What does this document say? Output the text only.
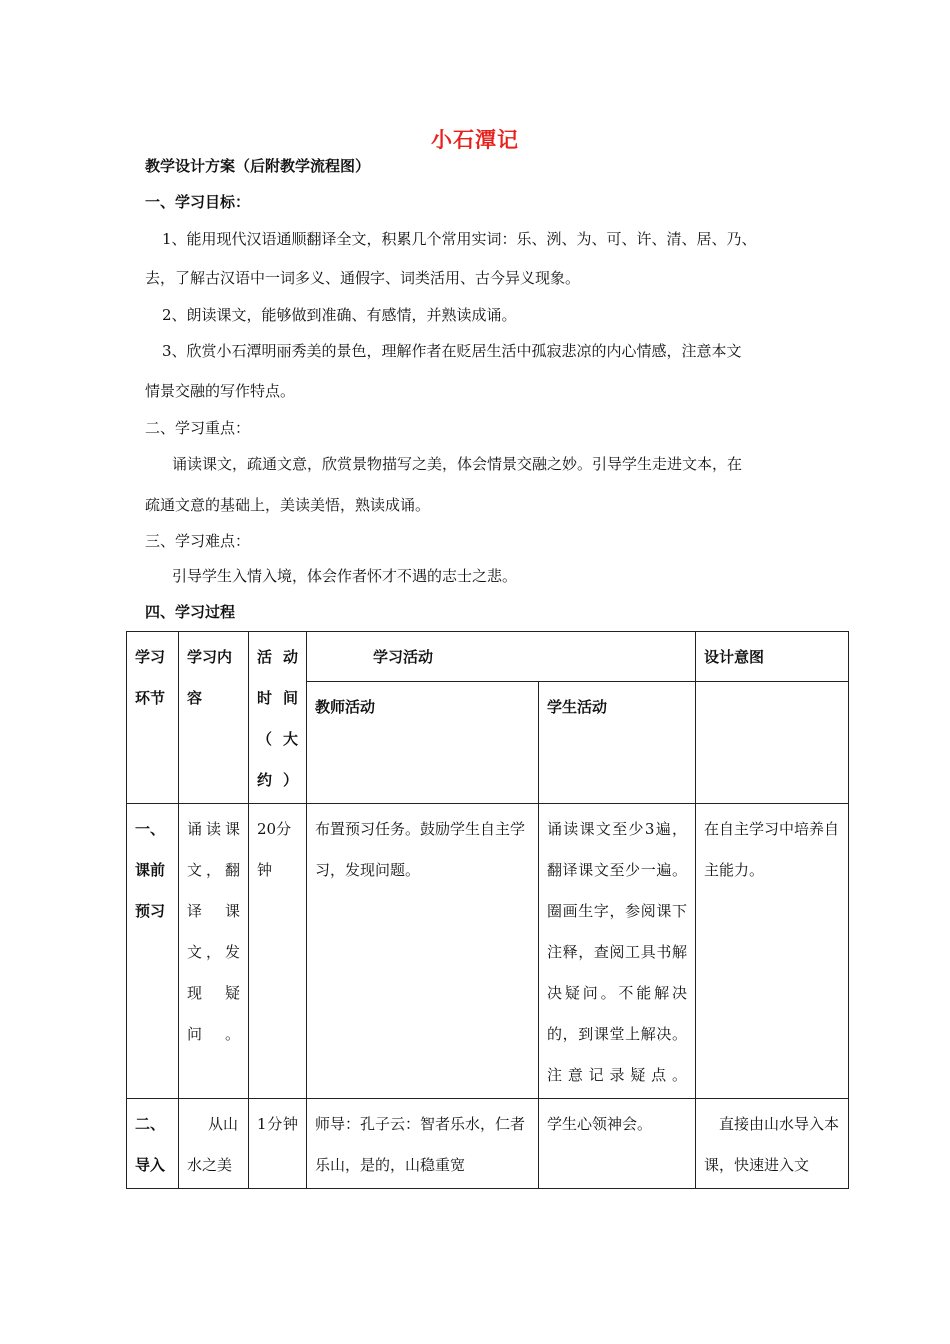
小石潭记
教学设计方案（后附教学流程图）
一、学习目标：
1、能用现代汉语通顺翻译全文，积累几个常用实词：乐、洌、为、可、许、清、居、乃、
去，了解古汉语中一词多义、通假字、词类活用、古今异义现象。
2、朗读课文，能够做到准确、有感情，并熟读成诵。
3、欣赏小石潭明丽秀美的景色，理解作者在贬居生活中孤寂悲凉的内心情感，注意本文
情景交融的写作特点。
二、学习重点：
诵读课文，疏通文意，欣赏景物描写之美，体会情景交融之妙。引导学生走进文本，在
疏通文意的基础上，美读美悟，熟读成诵。
三、学习难点：
引导学生入情入境，体会作者怀才不遇的志士之悲。
四、学习过程
学习环节	学习内容	活动时间（大约）	学习活动		设计意图
			教师活动	学生活动	
一、课前预习	诵读课文，翻译课文，发现疑问。	20分钟	布置预习任务。鼓励学生自主学习，发现问题。	诵读课文至少3遍，翻译课文至少一遍。圈画生字，参阅课下注释，查阅工具书解决疑问。不能解决的，到课堂上解决。注意记录疑点。	在自主学习中培养自主能力。
二、导入	从山水之美	1分钟	师导：孔子云：智者乐水，仁者乐山，是的，山稳重宽	学生心领神会。	直接由山水导入本课，快速进入文
